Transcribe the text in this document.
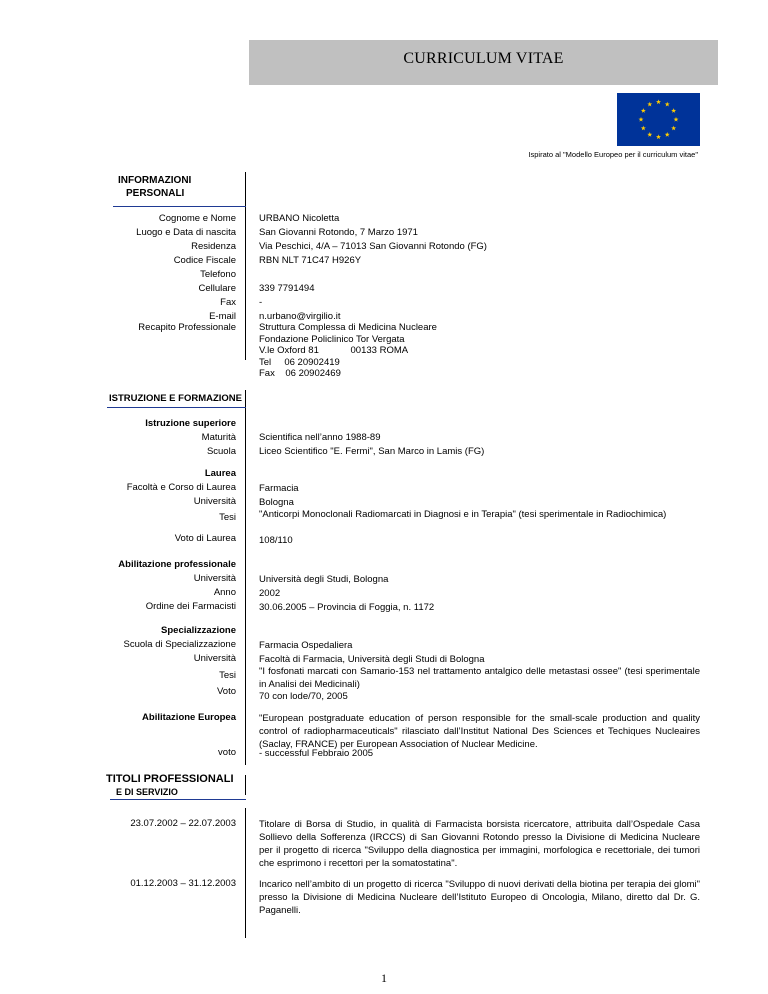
CURRICULUM VITAE
Ispirato al "Modello Europeo per il curriculum vitae"
INFORMAZIONI
PERSONALI
Cognome e Nome
Luogo e Data di nascita
Residenza
Codice Fiscale
Telefono
Cellulare
Fax
E-mail
URBANO Nicoletta
San Giovanni Rotondo, 7 Marzo 1971
Via Peschici, 4/A – 71013 San Giovanni Rotondo (FG)
RBN NLT 71C47 H926Y
339 7791494
-
n.urbano@virgilio.it
Recapito Professionale Struttura Complessa di Medicina Nucleare
Fondazione Policlinico Tor Vergata
V.le Oxford 81            00133 ROMA
Tel     06 20902419
Fax    06 20902469
ISTRUZIONE E FORMAZIONE
Istruzione superiore
Maturità
Scuola
Scientifica nell’anno 1988-89
Liceo Scientifico "E. Fermi", San Marco in Lamis (FG)
Laurea
Facoltà e Corso di Laurea
Università
Tesi
Voto di Laurea
Farmacia
Bologna
"Anticorpi Monoclonali Radiomarcati in Diagnosi e in Terapia" (tesi sperimentale in Radiochimica)
108/110
Abilitazione professionale
Università
Anno
Ordine dei Farmacisti
Università degli Studi, Bologna
2002
30.06.2005 – Provincia di Foggia, n. 1172
Specializzazione
Scuola di Specializzazione
Università
Tesi
Voto
Farmacia Ospedaliera
Facoltà di Farmacia, Università degli Studi di Bologna
"I fosfonati marcati con Samario-153 nel trattamento antalgico delle metastasi ossee" (tesi sperimentale in Analisi dei Medicinali)
70 con lode/70, 2005
Abilitazione Europea
voto
"European postgraduate education of person responsible for the small-scale production and quality control of radiopharmaceuticals" rilasciato dall’Institut National Des Sciences et Techiques Nucleaires (Saclay, FRANCE) per European Association of Nuclear Medicine.
- successful Febbraio 2005
TITOLI PROFESSIONALI
E DI SERVIZIO
23.07.2002 – 22.07.2003 Titolare di Borsa di Studio, in qualità di Farmacista borsista ricercatore, attribuita dall’Ospedale Casa Sollievo della Sofferenza (IRCCS) di San Giovanni Rotondo presso la Divisione di Medicina Nucleare per il progetto di ricerca "Sviluppo della diagnostica per immagini, morfologica e recettoriale, dei tumori che esprimono i recettori per la somatostatina".
01.12.2003 – 31.12.2003 Incarico nell’ambito di un progetto di ricerca "Sviluppo di nuovi derivati della biotina per terapia dei glomi" presso la Divisione di Medicina Nucleare dell’Istituto Europeo di Oncologia, Milano, diretto dal Dr. G. Paganelli.
1
